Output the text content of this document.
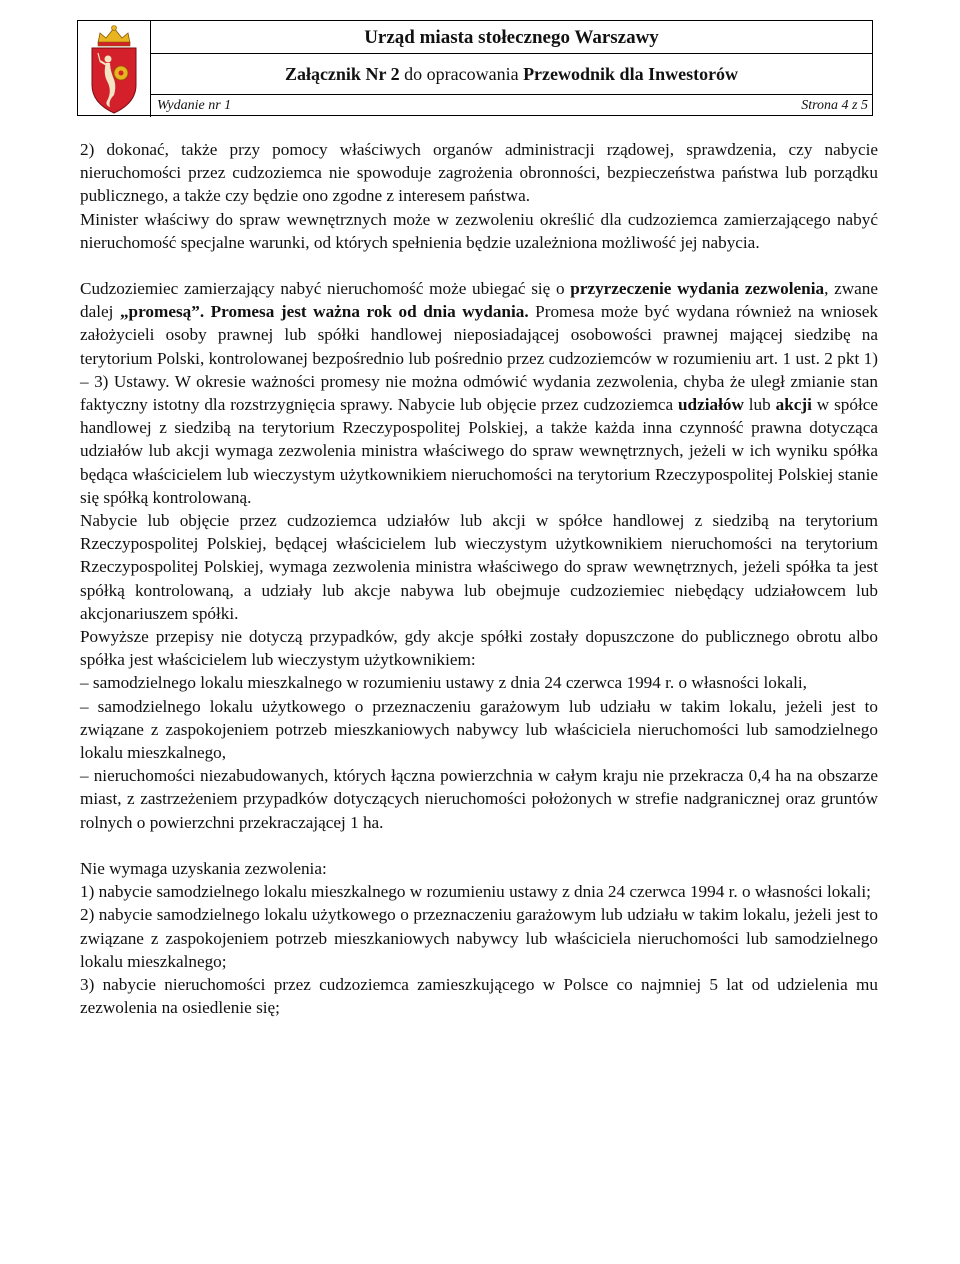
Urząd miasta stołecznego Warszawy
Załącznik Nr 2 do opracowania Przewodnik dla Inwestorów
Wydanie nr 1	Strona 4 z 5

2) dokonać, także przy pomocy właściwych organów administracji rządowej, sprawdzenia, czy nabycie nieruchomości przez cudzoziemca nie spowoduje zagrożenia obronności, bezpieczeństwa państwa lub porządku publicznego, a także czy będzie ono zgodne z interesem państwa.

Minister właściwy do spraw wewnętrznych może w zezwoleniu określić dla cudzoziemca zamierzającego nabyć nieruchomość specjalne warunki, od których spełnienia będzie uzależniona możliwość jej nabycia.

Cudzoziemiec zamierzający nabyć nieruchomość może ubiegać się o przyrzeczenie wydania zezwolenia, zwane dalej „promesą”. Promesa jest ważna rok od dnia wydania. Promesa może być wydana również na wniosek założycieli osoby prawnej lub spółki handlowej nieposiadającej osobowości prawnej mającej siedzibę na terytorium Polski, kontrolowanej bezpośrednio lub pośrednio przez cudzoziemców w rozumieniu art. 1 ust. 2 pkt 1) – 3) Ustawy. W okresie ważności promesy nie można odmówić wydania zezwolenia, chyba że uległ zmianie stan faktyczny istotny dla rozstrzygnięcia sprawy. Nabycie lub objęcie przez cudzoziemca udziałów lub akcji w spółce handlowej z siedzibą na terytorium Rzeczypospolitej Polskiej, a także każda inna czynność prawna dotycząca udziałów lub akcji wymaga zezwolenia ministra właściwego do spraw wewnętrznych, jeżeli w ich wyniku spółka będąca właścicielem lub wieczystym użytkownikiem nieruchomości na terytorium Rzeczypospolitej Polskiej stanie się spółką kontrolowaną.

Nabycie lub objęcie przez cudzoziemca udziałów lub akcji w spółce handlowej z siedzibą na terytorium Rzeczypospolitej Polskiej, będącej właścicielem lub wieczystym użytkownikiem nieruchomości na terytorium Rzeczypospolitej Polskiej, wymaga zezwolenia ministra właściwego do spraw wewnętrznych, jeżeli spółka ta jest spółką kontrolowaną, a udziały lub akcje nabywa lub obejmuje cudzoziemiec niebędący udziałowcem lub akcjonariuszem spółki.

Powyższe przepisy nie dotyczą przypadków, gdy akcje spółki zostały dopuszczone do publicznego obrotu albo spółka jest właścicielem lub wieczystym użytkownikiem:

– samodzielnego lokalu mieszkalnego w rozumieniu ustawy z dnia 24 czerwca 1994 r. o własności lokali,

– samodzielnego lokalu użytkowego o przeznaczeniu garażowym lub udziału w takim lokalu, jeżeli jest to związane z zaspokojeniem potrzeb mieszkaniowych nabywcy lub właściciela nieruchomości lub samodzielnego lokalu mieszkalnego,

– nieruchomości niezabudowanych, których łączna powierzchnia w całym kraju nie przekracza 0,4 ha na obszarze miast, z zastrzeżeniem przypadków dotyczących nieruchomości położonych w strefie nadgranicznej oraz gruntów rolnych o powierzchni przekraczającej 1 ha.

Nie wymaga uzyskania zezwolenia:

1) nabycie samodzielnego lokalu mieszkalnego w rozumieniu ustawy z dnia 24 czerwca 1994 r. o własności lokali;

2) nabycie samodzielnego lokalu użytkowego o przeznaczeniu garażowym lub udziału w takim lokalu, jeżeli jest to związane z zaspokojeniem potrzeb mieszkaniowych nabywcy lub właściciela nieruchomości lub samodzielnego lokalu mieszkalnego;

3) nabycie nieruchomości przez cudzoziemca zamieszkującego w Polsce co najmniej 5 lat od udzielenia mu zezwolenia na osiedlenie się;
